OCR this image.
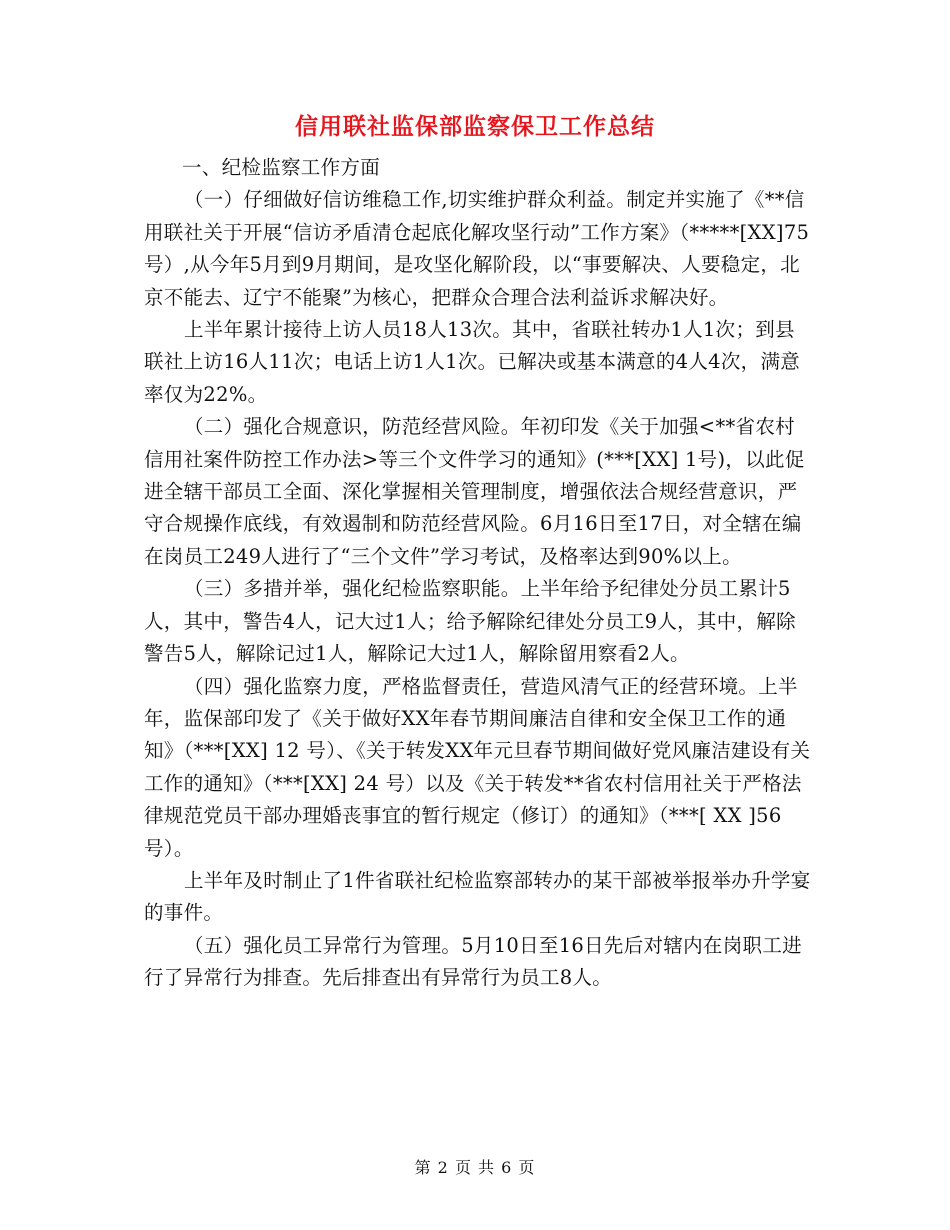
信用联社监保部监察保卫工作总结

一、纪检监察工作方面

（一）仔细做好信访维稳工作,切实维护群众利益。制定并实施了《**信用联社关于开展“信访矛盾清仓起底化解攻坚行动”工作方案》（*****[XX]75号）,从今年5月到9月期间，是攻坚化解阶段，以“事要解决、人要稳定，北京不能去、辽宁不能聚”为核心，把群众合理合法利益诉求解决好。

上半年累计接待上访人员18人13次。其中，省联社转办1人1次；到县联社上访16人11次；电话上访1人1次。已解决或基本满意的4人4次，满意率仅为22%。

（二）强化合规意识，防范经营风险。年初印发《关于加强<**省农村信用社案件防控工作办法>等三个文件学习的通知》(***[XX] 1号)，以此促进全辖干部员工全面、深化掌握相关管理制度，增强依法合规经营意识，严守合规操作底线，有效遏制和防范经营风险。6月16日至17日，对全辖在编在岗员工249人进行了“三个文件”学习考试，及格率达到90%以上。

（三）多措并举，强化纪检监察职能。上半年给予纪律处分员工累计5人，其中，警告4人，记大过1人；给予解除纪律处分员工9人，其中，解除警告5人，解除记过1人，解除记大过1人，解除留用察看2人。

（四）强化监察力度，严格监督责任，营造风清气正的经营环境。上半年，监保部印发了《关于做好XX年春节期间廉洁自律和安全保卫工作的通知》（***[XX] 12 号）、《关于转发XX年元旦春节期间做好党风廉洁建设有关工作的通知》（***[XX] 24 号）以及《关于转发**省农村信用社关于严格法律规范党员干部办理婚丧事宜的暂行规定（修订）的通知》（***[ XX ]56号）。

上半年及时制止了1件省联社纪检监察部转办的某干部被举报举办升学宴的事件。

（五）强化员工异常行为管理。5月10日至16日先后对辖内在岗职工进行了异常行为排查。先后排查出有异常行为员工8人。

第 2 页 共 6 页
